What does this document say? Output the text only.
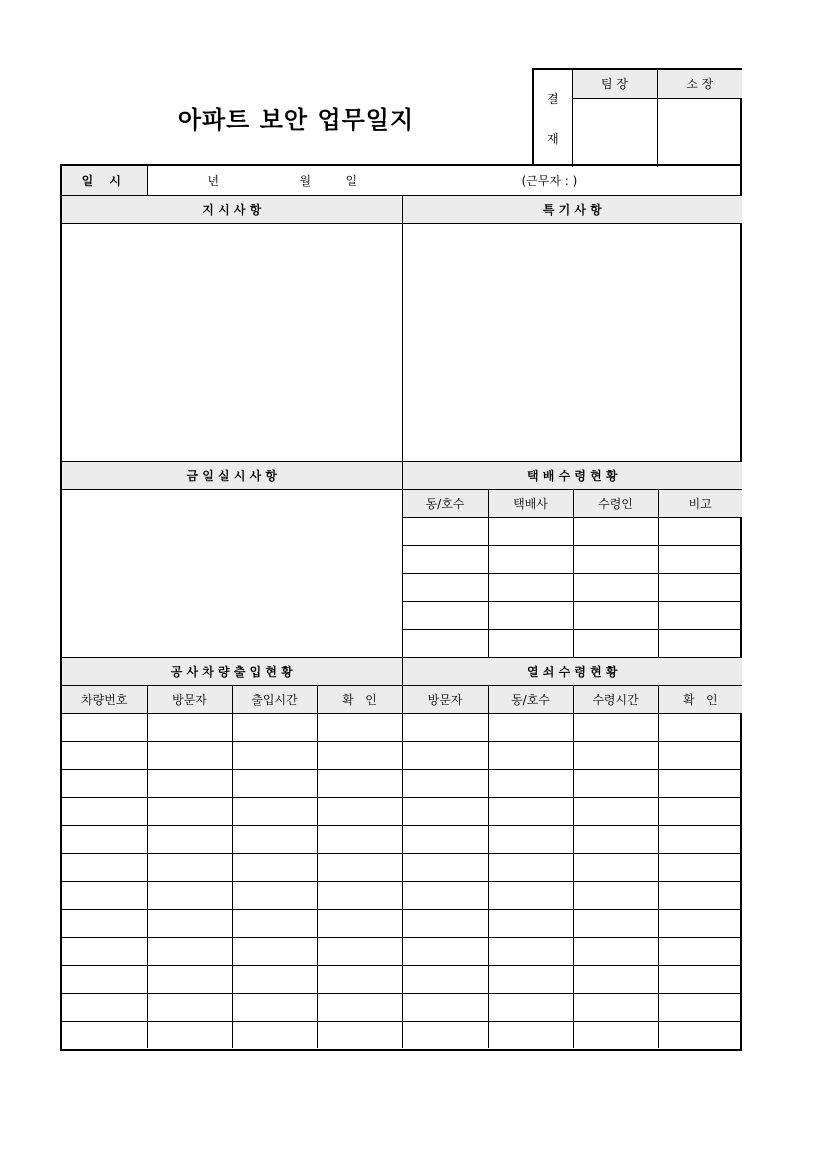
아파트 보안 업무일지
결
재	팀 장	소 장

일 시	년 월 일 (근무자 : )						
지 시 사 항				특 기 사 항			

금 일 실 시 사 항				택 배 수 령 현 황			
				동/호수	택배사	수령인	비고

공 사 차 량 출 입 현 황				열 쇠 수 령 현 황			
차량번호	방문자	출입시간	확   인	방문자	동/호수	수령시간	확   인
